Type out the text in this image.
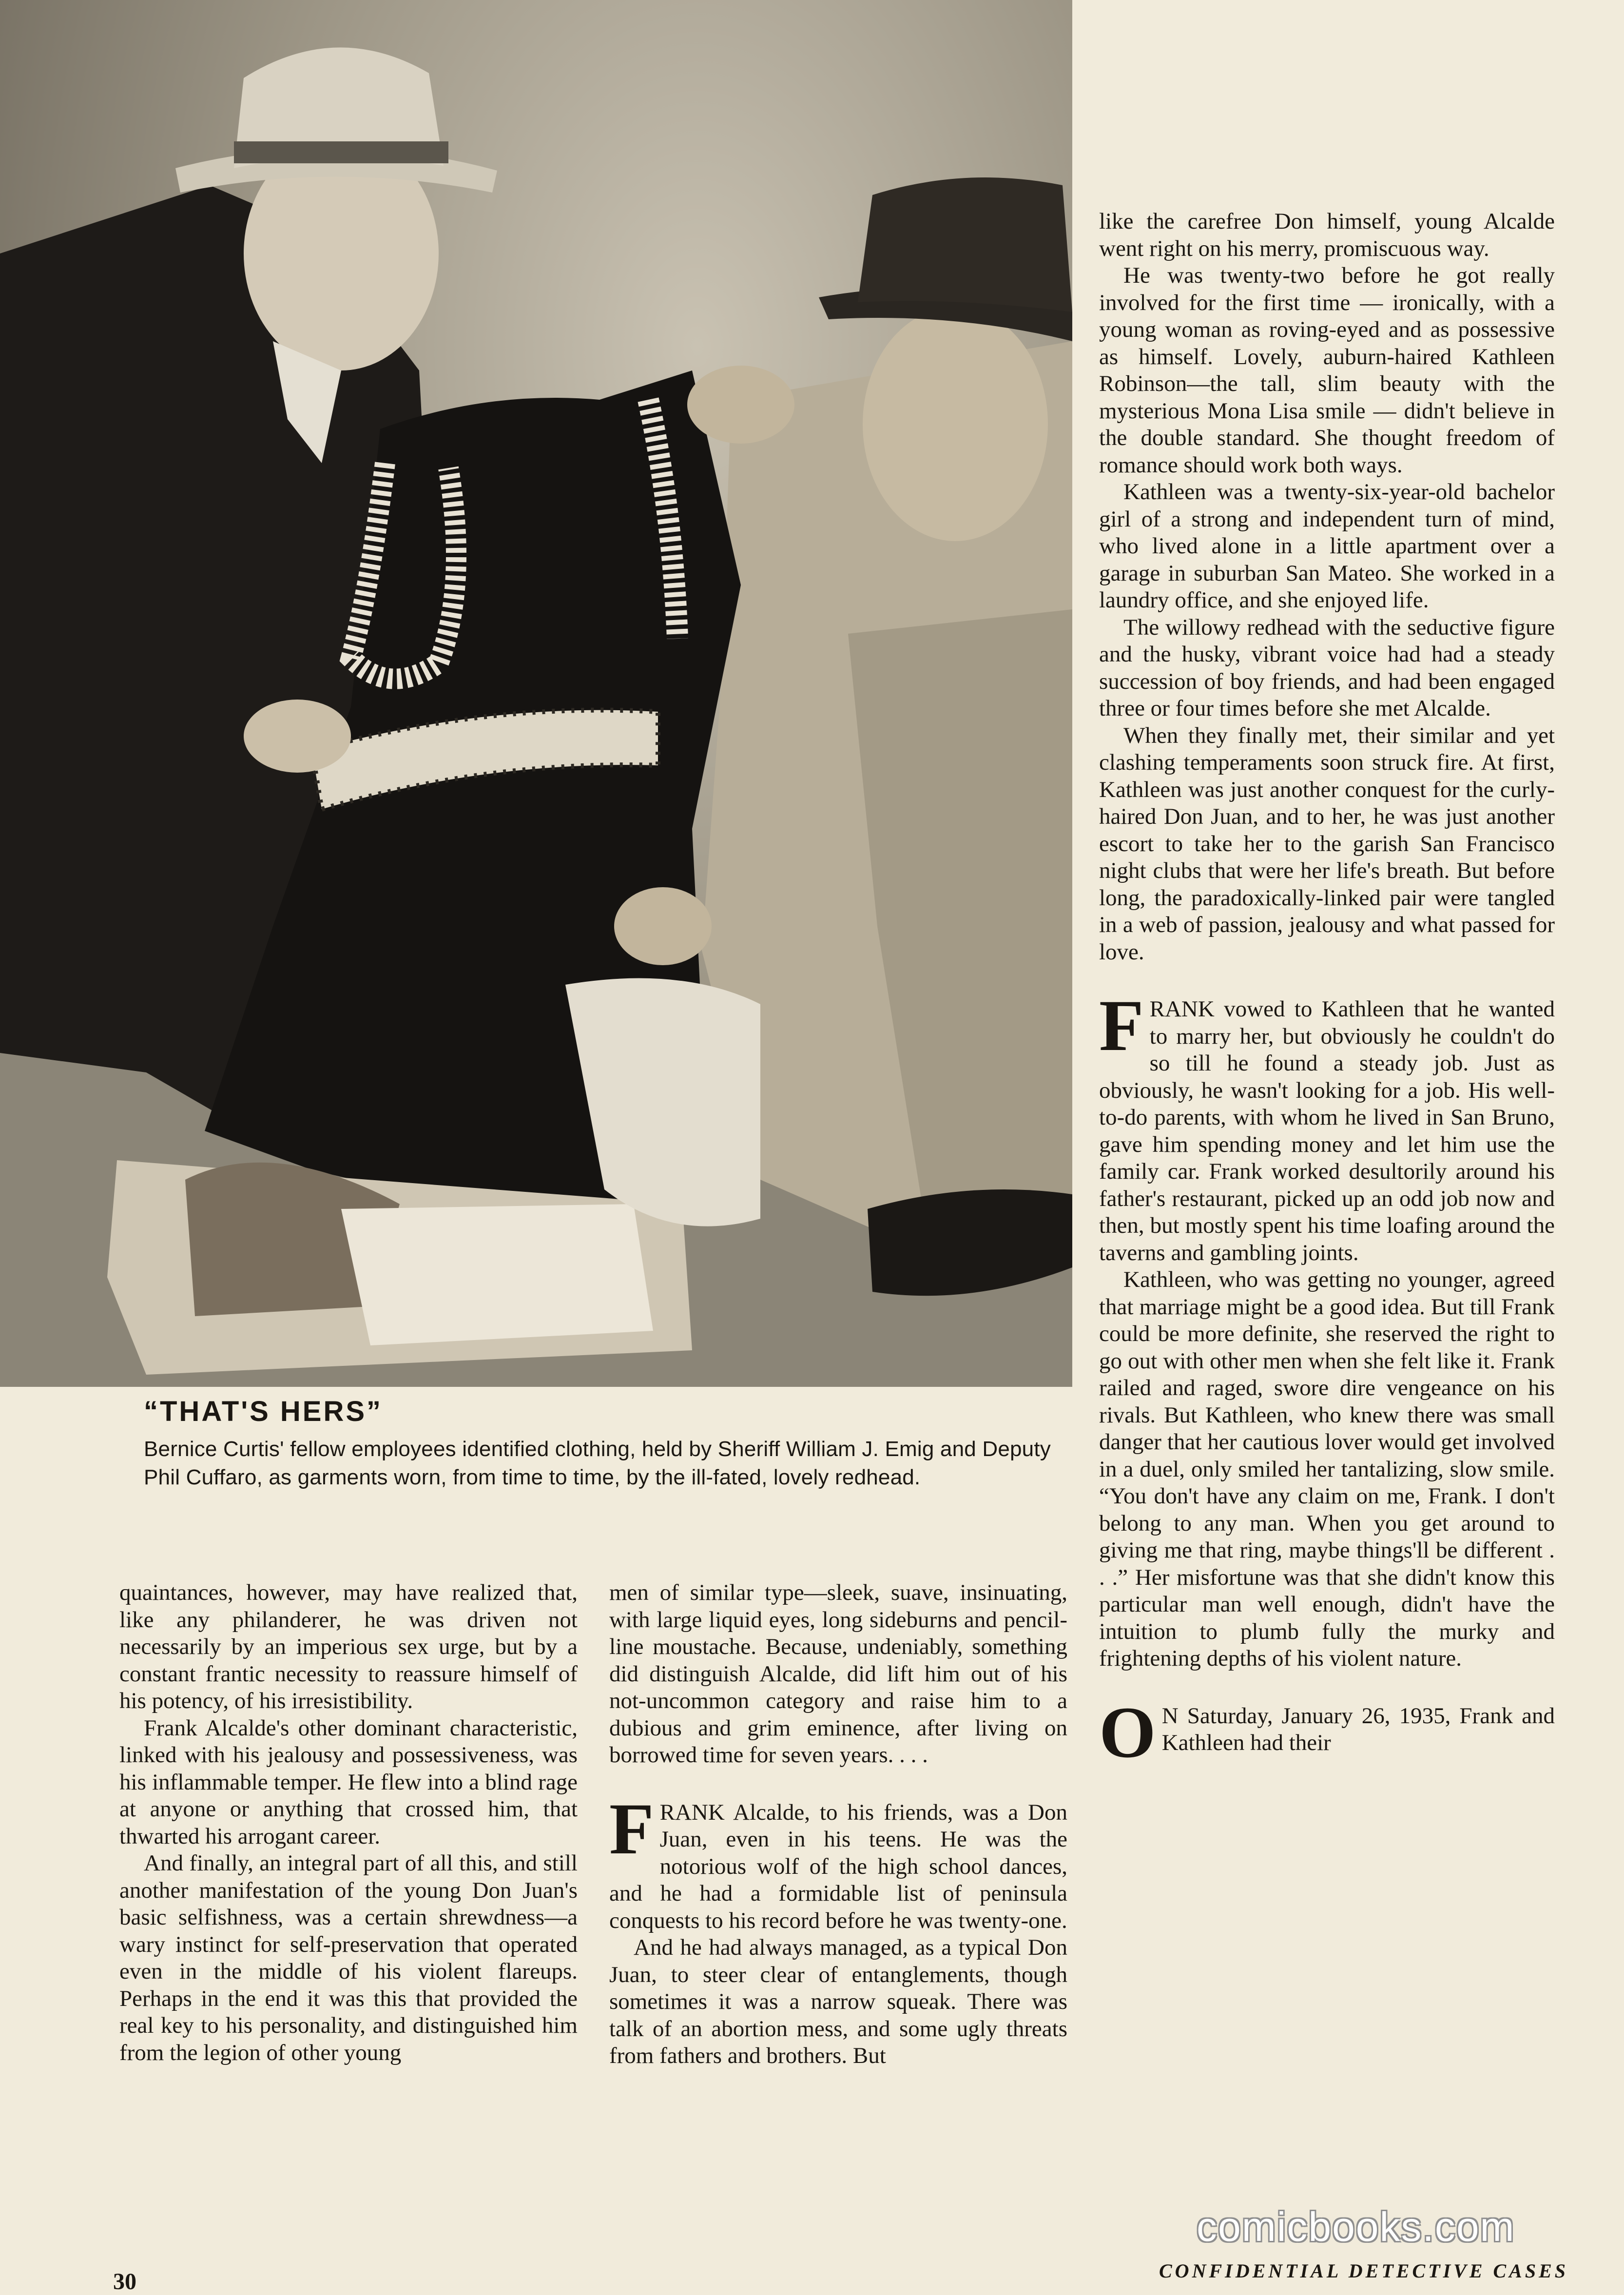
“THAT'S HERS”
Bernice Curtis' fellow employees identified clothing, held by Sheriff William J. Emig and Deputy Phil Cuffaro, as garments worn, from time to time, by the ill-fated, lovely redhead.

quaintances, however, may have realized that, like any philanderer, he was driven not necessarily by an imperious sex urge, but by a constant frantic necessity to reassure himself of his potency, of his irresistibility.

Frank Alcalde's other dominant characteristic, linked with his jealousy and possessiveness, was his inflammable temper. He flew into a blind rage at anyone or anything that crossed him, that thwarted his arrogant career.

And finally, an integral part of all this, and still another manifestation of the young Don Juan's basic selfishness, was a certain shrewdness—a wary instinct for self-preservation that operated even in the middle of his violent flareups. Perhaps in the end it was this that provided the real key to his personality, and distinguished him from the legion of other young

men of similar type—sleek, suave, insinuating, with large liquid eyes, long sideburns and pencil-line moustache. Because, undeniably, something did distinguish Alcalde, did lift him out of his not-uncommon category and raise him to a dubious and grim eminence, after living on borrowed time for seven years. . . .

FRANK Alcalde, to his friends, was a Don Juan, even in his teens. He was the notorious wolf of the high school dances, and he had a formidable list of peninsula conquests to his record before he was twenty-one.

And he had always managed, as a typical Don Juan, to steer clear of entanglements, though sometimes it was a narrow squeak. There was talk of an abortion mess, and some ugly threats from fathers and brothers. But

like the carefree Don himself, young Alcalde went right on his merry, promiscuous way.

He was twenty-two before he got really involved for the first time — ironically, with a young woman as roving-eyed and as possessive as himself. Lovely, auburn-haired Kathleen Robinson—the tall, slim beauty with the mysterious Mona Lisa smile — didn't believe in the double standard. She thought freedom of romance should work both ways.

Kathleen was a twenty-six-year-old bachelor girl of a strong and independent turn of mind, who lived alone in a little apartment over a garage in suburban San Mateo. She worked in a laundry office, and she enjoyed life.

The willowy redhead with the seductive figure and the husky, vibrant voice had had a steady succession of boy friends, and had been engaged three or four times before she met Alcalde.

When they finally met, their similar and yet clashing temperaments soon struck fire. At first, Kathleen was just another conquest for the curly-haired Don Juan, and to her, he was just another escort to take her to the garish San Francisco night clubs that were her life's breath. But before long, the paradoxically-linked pair were tangled in a web of passion, jealousy and what passed for love.

FRANK vowed to Kathleen that he wanted to marry her, but obviously he couldn't do so till he found a steady job. Just as obviously, he wasn't looking for a job. His well-to-do parents, with whom he lived in San Bruno, gave him spending money and let him use the family car. Frank worked desultorily around his father's restaurant, picked up an odd job now and then, but mostly spent his time loafing around the taverns and gambling joints.

Kathleen, who was getting no younger, agreed that marriage might be a good idea. But till Frank could be more definite, she reserved the right to go out with other men when she felt like it. Frank railed and raged, swore dire vengeance on his rivals. But Kathleen, who knew there was small danger that her cautious lover would get involved in a duel, only smiled her tantalizing, slow smile. “You don't have any claim on me, Frank. I don't belong to any man. When you get around to giving me that ring, maybe things'll be different . . .” Her misfortune was that she didn't know this particular man well enough, didn't have the intuition to plumb fully the murky and frightening depths of his violent nature.

O N Saturday, January 26, 1935, Frank and Kathleen had their

30
comicbooks.com
CONFIDENTIAL DETECTIVE CASES
